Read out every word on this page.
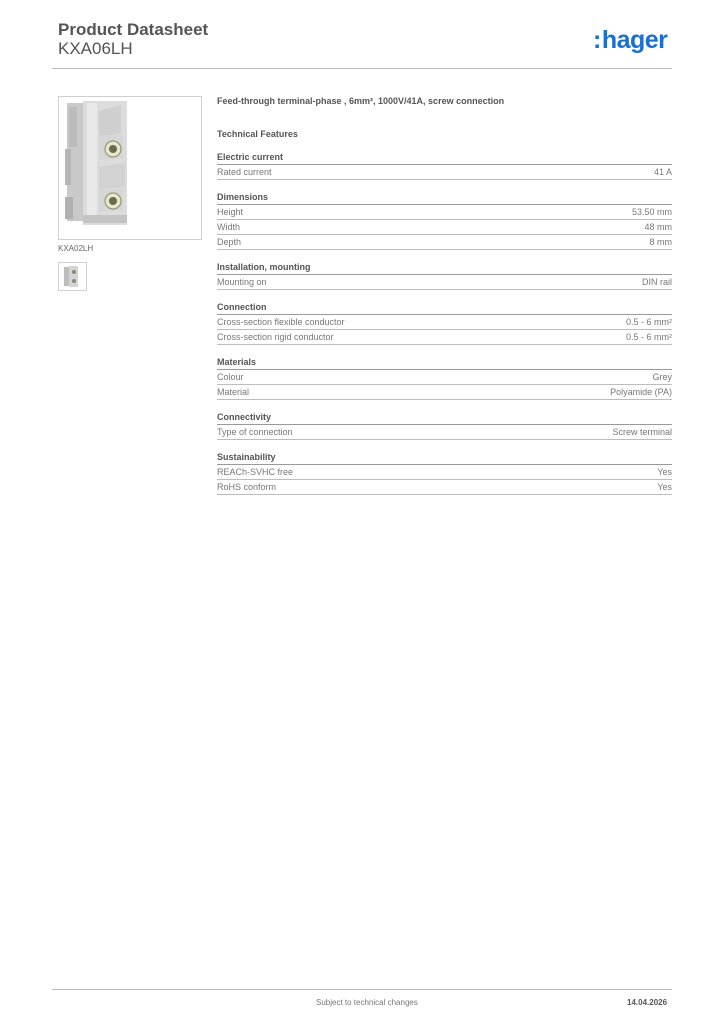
Product Datasheet
KXA06LH	:hager
KXA02LH
Feed-through terminal-phase , 6mm², 1000V/41A, screw connection
Technical Features
Electric current
Rated current	41 A
Dimensions
Height	53.50 mm
Width	48 mm
Depth	8 mm
Installation, mounting
Mounting on	DIN rail
Connection
Cross-section flexible conductor	0.5 - 6 mm²
Cross-section rigid conductor	0.5 - 6 mm²
Materials
Colour	Grey
Material	Polyamide (PA)
Connectivity
Type of connection	Screw terminal
Sustainability
REACh-SVHC free	Yes
RoHS conform	Yes
Subject to technical changes	14.04.2026
